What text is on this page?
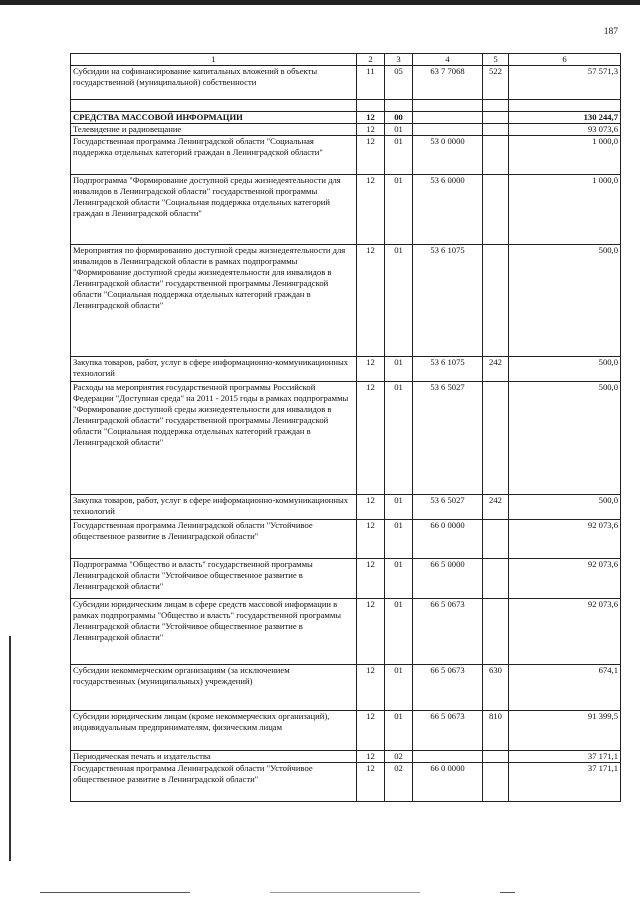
187
1	2	3	4	5	6
Субсидии на софинансирование капитальных вложений в объекты государственной (муниципальной) собственности	11	05	63 7 7068	522	57 571,3

СРЕДСТВА МАССОВОЙ ИНФОРМАЦИИ	12	00			130 244,7
Телевидение и радиовещание	12	01			93 073,6
Государственная программа Ленинградской области "Социальная поддержка отдельных категорий граждан в Ленинградской области"	12	01	53 0 0000		1 000,0
Подпрограмма "Формирование доступной среды жизнедеятельности для инвалидов в Ленинградской области" государственной программы Ленинградской области "Социальная поддержка отдельных категорий граждан в Ленинградской области"	12	01	53 6 0000		1 000,0
Мероприятия по формированию доступной среды жизнедеятельности для инвалидов в Ленинградской области в рамках подпрограммы "Формирование доступной среды жизнедеятельности для инвалидов в Ленинградской области" государственной программы Ленинградской области "Социальная поддержка отдельных категорий граждан в Ленинградской области"	12	01	53 6 1075		500,0
Закупка товаров, работ, услуг в сфере информационно-коммуникационных технологий	12	01	53 6 1075	242	500,0
Расходы на мероприятия государственной программы Российской Федерации "Доступная среда" на 2011 - 2015 годы в рамках подпрограммы "Формирование доступной среды жизнедеятельности для инвалидов в Ленинградской области" государственной программы Ленинградской области "Социальная поддержка отдельных категорий граждан в Ленинградской области"	12	01	53 6 5027		500,0
Закупка товаров, работ, услуг в сфере информационно-коммуникационных технологий	12	01	53 6 5027	242	500,0
Государственная программа Ленинградской области "Устойчивое общественное развитие в Ленинградской области"	12	01	66 0 0000		92 073,6
Подпрограмма "Общество и власть" государственной программы Ленинградской области "Устойчивое общественное развитие в Ленинградской области"	12	01	66 5 0000		92 073,6
Субсидии юридическим лицам в сфере средств массовой информации в рамках подпрограммы "Общество и власть" государственной программы Ленинградской области "Устойчивое общественное развитие в Ленинградской области"	12	01	66 5 0673		92 073,6
Субсидии некоммерческим организациям (за исключением государственных (муниципальных) учреждений)	12	01	66 5 0673	630	674,1
Субсидии юридическим лицам (кроме некоммерческих организаций), индивидуальным предпринимателям, физическим лицам	12	01	66 5 0673	810	91 399,5
Периодическая печать и издательства	12	02			37 171,1
Государственная программа Ленинградской области "Устойчивое общественное развитие в Ленинградской области"	12	02	66 0 0000		37 171,1
